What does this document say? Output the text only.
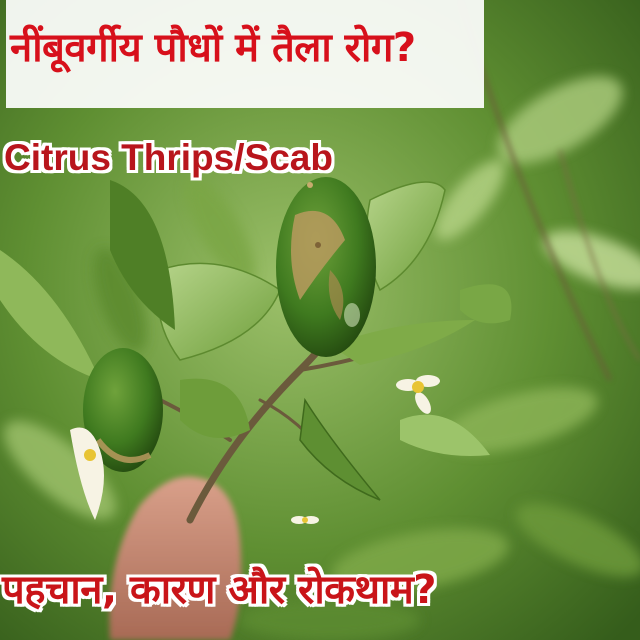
नींबूवर्गीय पौधों में तैला रोग?
Citrus Thrips/Scab
पहचान, कारण और रोकथाम?
